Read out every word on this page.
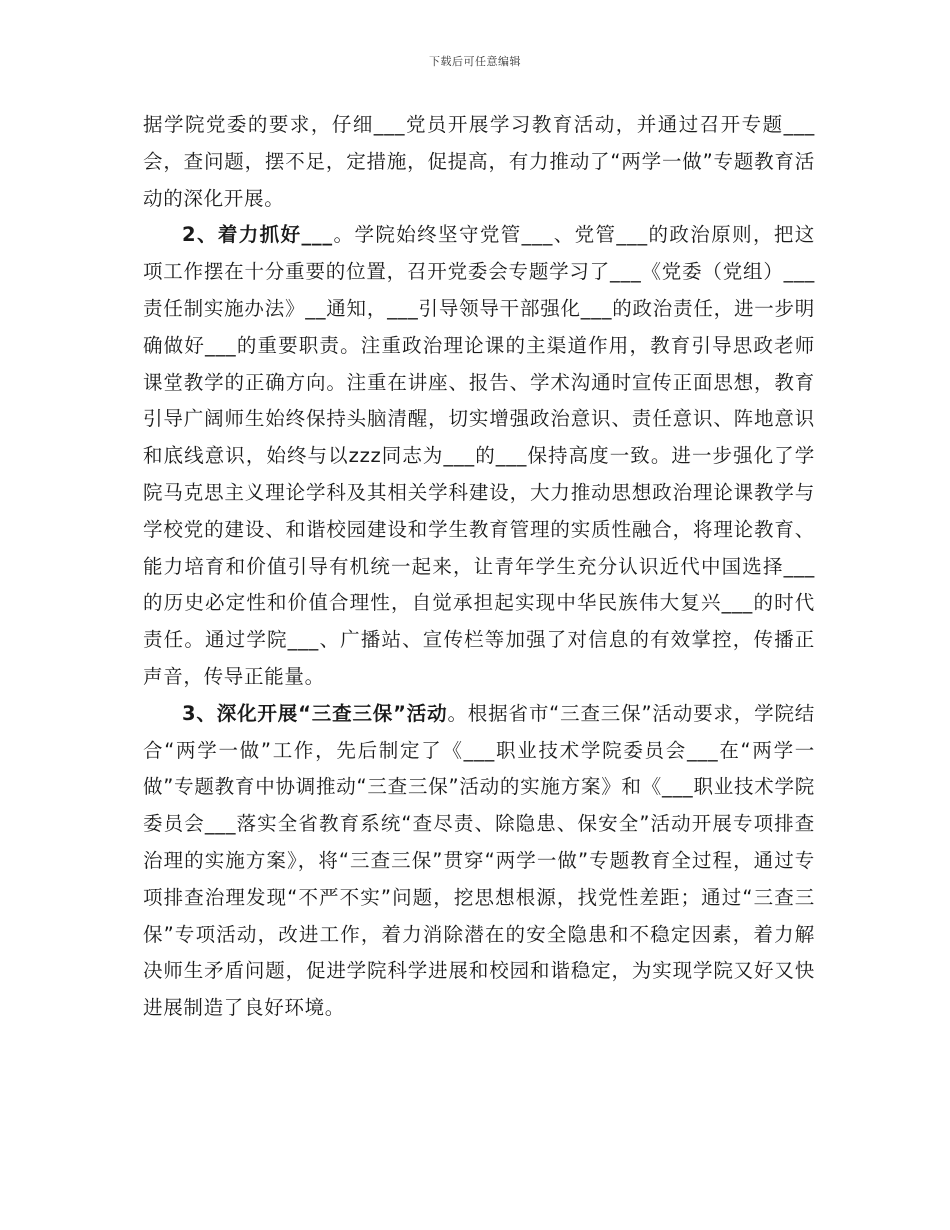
下载后可任意编辑

据学院党委的要求，仔细___党员开展学习教育活动，并通过召开专题___会，查问题，摆不足，定措施，促提高，有力推动了“两学一做”专题教育活动的深化开展。

2、着力抓好___。学院始终坚守党管___、党管___的政治原则，把这项工作摆在十分重要的位置，召开党委会专题学习了___《党委（党组）___责任制实施办法》__通知，___引导领导干部强化___的政治责任，进一步明确做好___的重要职责。注重政治理论课的主渠道作用，教育引导思政老师课堂教学的正确方向。注重在讲座、报告、学术沟通时宣传正面思想，教育引导广阔师生始终保持头脑清醒，切实增强政治意识、责任意识、阵地意识和底线意识，始终与以zzz同志为___的___保持高度一致。进一步强化了学院马克思主义理论学科及其相关学科建设，大力推动思想政治理论课教学与学校党的建设、和谐校园建设和学生教育管理的实质性融合，将理论教育、能力培育和价值引导有机统一起来，让青年学生充分认识近代中国选择___的历史必定性和价值合理性，自觉承担起实现中华民族伟大复兴___的时代责任。通过学院___、广播站、宣传栏等加强了对信息的有效掌控，传播正声音，传导正能量。

3、深化开展“三查三保”活动。根据省市“三查三保”活动要求，学院结合“两学一做”工作，先后制定了《___职业技术学院委员会___在“两学一做”专题教育中协调推动“三查三保”活动的实施方案》和《___职业技术学院委员会___落实全省教育系统“查尽责、除隐患、保安全”活动开展专项排查治理的实施方案》，将“三查三保”贯穿“两学一做”专题教育全过程，通过专项排查治理发现“不严不实”问题，挖思想根源，找党性差距；通过“三查三保”专项活动，改进工作，着力消除潜在的安全隐患和不稳定因素，着力解决师生矛盾问题，促进学院科学进展和校园和谐稳定，为实现学院又好又快进展制造了良好环境。
